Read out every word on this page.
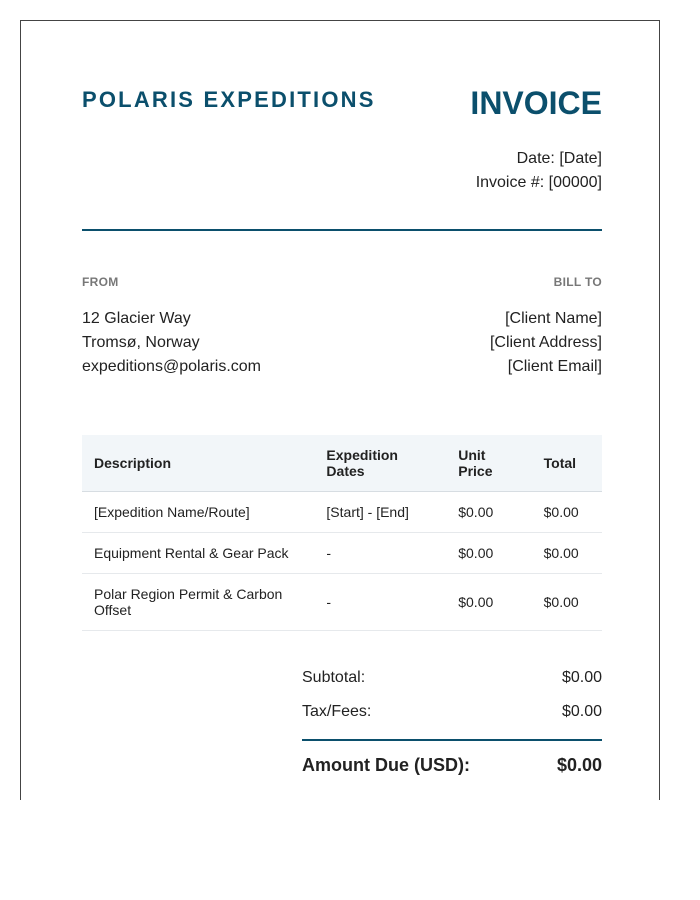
POLARIS EXPEDITIONS	INVOICE
Date: [Date]
Invoice #: [00000]
FROM	BILL TO
12 Glacier Way
Tromsø, Norway
expeditions@polaris.com
[Client Name]
[Client Address]
[Client Email]
Description	Expedition Dates	Unit Price	Total
[Expedition Name/Route]	[Start] - [End]	$0.00	$0.00
Equipment Rental & Gear Pack	-	$0.00	$0.00
Polar Region Permit & Carbon Offset	-	$0.00	$0.00
Subtotal:	$0.00
Tax/Fees:	$0.00
Amount Due (USD):	$0.00
